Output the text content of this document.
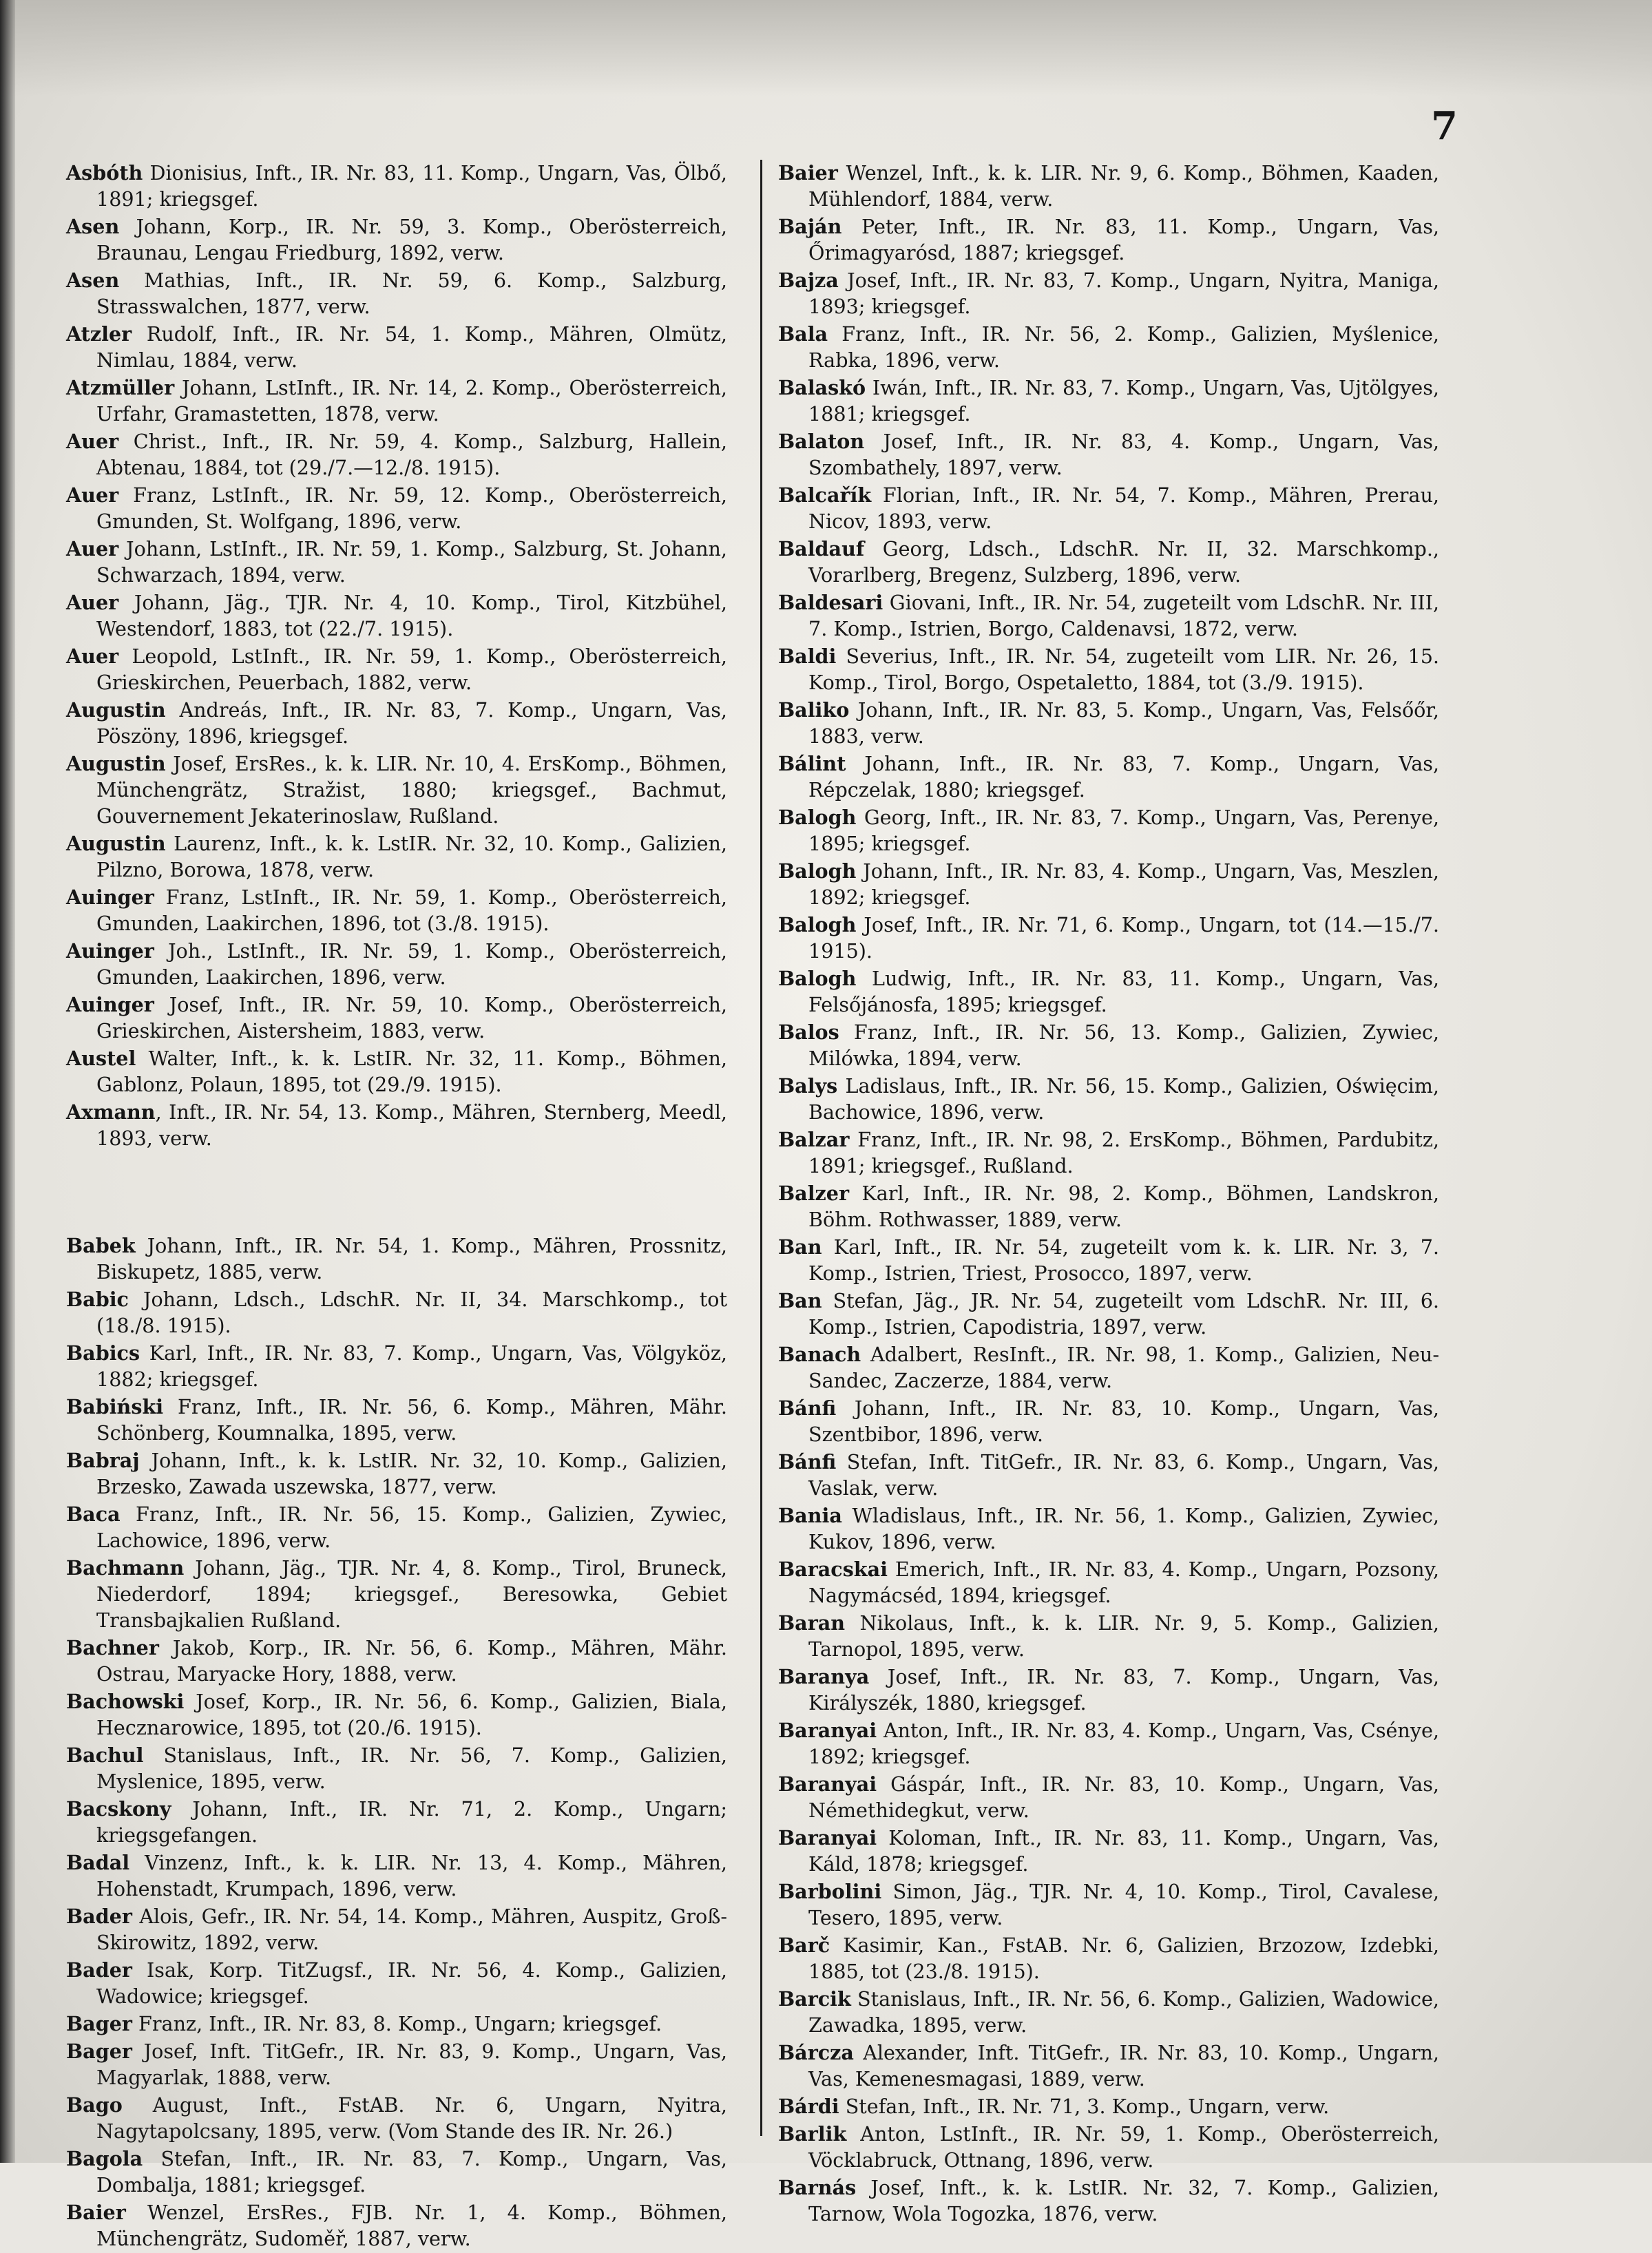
7

Asbóth Dionisius, Inft., IR. Nr. 83, 11. Komp., Ungarn, Vas, Ölbő, 1891; kriegsgef.

Asen Johann, Korp., IR. Nr. 59, 3. Komp., Oberösterreich, Braunau, Lengau Friedburg, 1892, verw.

Asen Mathias, Inft., IR. Nr. 59, 6. Komp., Salzburg, Strasswalchen, 1877, verw.

Atzler Rudolf, Inft., IR. Nr. 54, 1. Komp., Mähren, Olmütz, Nimlau, 1884, verw.

Atzmüller Johann, LstInft., IR. Nr. 14, 2. Komp., Oberösterreich, Urfahr, Gramastetten, 1878, verw.

Auer Christ., Inft., IR. Nr. 59, 4. Komp., Salzburg, Hallein, Abtenau, 1884, tot (29./7.—12./8. 1915).

Auer Franz, LstInft., IR. Nr. 59, 12. Komp., Oberösterreich, Gmunden, St. Wolfgang, 1896, verw.

Auer Johann, LstInft., IR. Nr. 59, 1. Komp., Salzburg, St. Johann, Schwarzach, 1894, verw.

Auer Johann, Jäg., TJR. Nr. 4, 10. Komp., Tirol, Kitzbühel, Westendorf, 1883, tot (22./7. 1915).

Auer Leopold, LstInft., IR. Nr. 59, 1. Komp., Oberösterreich, Grieskirchen, Peuerbach, 1882, verw.

Augustin Andreás, Inft., IR. Nr. 83, 7. Komp., Ungarn, Vas, Pöszöny, 1896, kriegsgef.

Augustin Josef, ErsRes., k. k. LIR. Nr. 10, 4. ErsKomp., Böhmen, Münchengrätz, Stražist, 1880; kriegsgef., Bachmut, Gouvernement Jekaterinoslaw, Rußland.

Augustin Laurenz, Inft., k. k. LstIR. Nr. 32, 10. Komp., Galizien, Pilzno, Borowa, 1878, verw.

Auinger Franz, LstInft., IR. Nr. 59, 1. Komp., Oberösterreich, Gmunden, Laakirchen, 1896, tot (3./8. 1915).

Auinger Joh., LstInft., IR. Nr. 59, 1. Komp., Oberösterreich, Gmunden, Laakirchen, 1896, verw.

Auinger Josef, Inft., IR. Nr. 59, 10. Komp., Oberösterreich, Grieskirchen, Aistersheim, 1883, verw.

Austel Walter, Inft., k. k. LstIR. Nr. 32, 11. Komp., Böhmen, Gablonz, Polaun, 1895, tot (29./9. 1915).

Axmann, Inft., IR. Nr. 54, 13. Komp., Mähren, Sternberg, Meedl, 1893, verw.

Babek Johann, Inft., IR. Nr. 54, 1. Komp., Mähren, Prossnitz, Biskupetz, 1885, verw.

Babic Johann, Ldsch., LdschR. Nr. II, 34. Marschkomp., tot (18./8. 1915).

Babics Karl, Inft., IR. Nr. 83, 7. Komp., Ungarn, Vas, Völgyköz, 1882; kriegsgef.

Babiński Franz, Inft., IR. Nr. 56, 6. Komp., Mähren, Mähr. Schönberg, Koumnalka, 1895, verw.

Babraj Johann, Inft., k. k. LstIR. Nr. 32, 10. Komp., Galizien, Brzesko, Zawada uszewska, 1877, verw.

Baca Franz, Inft., IR. Nr. 56, 15. Komp., Galizien, Zywiec, Lachowice, 1896, verw.

Bachmann Johann, Jäg., TJR. Nr. 4, 8. Komp., Tirol, Bruneck, Niederdorf, 1894; kriegsgef., Beresowka, Gebiet Transbajkalien Rußland.

Bachner Jakob, Korp., IR. Nr. 56, 6. Komp., Mähren, Mähr. Ostrau, Maryacke Hory, 1888, verw.

Bachowski Josef, Korp., IR. Nr. 56, 6. Komp., Galizien, Biala, Hecznarowice, 1895, tot (20./6. 1915).

Bachul Stanislaus, Inft., IR. Nr. 56, 7. Komp., Galizien, Myslenice, 1895, verw.

Bacskony Johann, Inft., IR. Nr. 71, 2. Komp., Ungarn; kriegsgefangen.

Badal Vinzenz, Inft., k. k. LIR. Nr. 13, 4. Komp., Mähren, Hohenstadt, Krumpach, 1896, verw.

Bader Alois, Gefr., IR. Nr. 54, 14. Komp., Mähren, Auspitz, Groß-Skirowitz, 1892, verw.

Bader Isak, Korp. TitZugsf., IR. Nr. 56, 4. Komp., Galizien, Wadowice; kriegsgef.

Bager Franz, Inft., IR. Nr. 83, 8. Komp., Ungarn; kriegsgef.

Bager Josef, Inft. TitGefr., IR. Nr. 83, 9. Komp., Ungarn, Vas, Magyarlak, 1888, verw.

Bago August, Inft., FstAB. Nr. 6, Ungarn, Nyitra, Nagytapolcsany, 1895, verw. (Vom Stande des IR. Nr. 26.)

Bagola Stefan, Inft., IR. Nr. 83, 7. Komp., Ungarn, Vas, Dombalja, 1881; kriegsgef.

Baier Wenzel, ErsRes., FJB. Nr. 1, 4. Komp., Böhmen, Münchengrätz, Sudoměř, 1887, verw.

Baier Wenzel, Inft., k. k. LIR. Nr. 9, 6. Komp., Böhmen, Kaaden, Mühlendorf, 1884, verw.

Baján Peter, Inft., IR. Nr. 83, 11. Komp., Ungarn, Vas, Őrimagyarósd, 1887; kriegsgef.

Bajza Josef, Inft., IR. Nr. 83, 7. Komp., Ungarn, Nyitra, Maniga, 1893; kriegsgef.

Bala Franz, Inft., IR. Nr. 56, 2. Komp., Galizien, Myślenice, Rabka, 1896, verw.

Balaskó Iwán, Inft., IR. Nr. 83, 7. Komp., Ungarn, Vas, Ujtölgyes, 1881; kriegsgef.

Balaton Josef, Inft., IR. Nr. 83, 4. Komp., Ungarn, Vas, Szombathely, 1897, verw.

Balcařík Florian, Inft., IR. Nr. 54, 7. Komp., Mähren, Prerau, Nicov, 1893, verw.

Baldauf Georg, Ldsch., LdschR. Nr. II, 32. Marschkomp., Vorarlberg, Bregenz, Sulzberg, 1896, verw.

Baldesari Giovani, Inft., IR. Nr. 54, zugeteilt vom LdschR. Nr. III, 7. Komp., Istrien, Borgo, Caldenavsi, 1872, verw.

Baldi Severius, Inft., IR. Nr. 54, zugeteilt vom LIR. Nr. 26, 15. Komp., Tirol, Borgo, Ospetaletto, 1884, tot (3./9. 1915).

Baliko Johann, Inft., IR. Nr. 83, 5. Komp., Ungarn, Vas, Felsőőr, 1883, verw.

Bálint Johann, Inft., IR. Nr. 83, 7. Komp., Ungarn, Vas, Répczelak, 1880; kriegsgef.

Balogh Georg, Inft., IR. Nr. 83, 7. Komp., Ungarn, Vas, Perenye, 1895; kriegsgef.

Balogh Johann, Inft., IR. Nr. 83, 4. Komp., Ungarn, Vas, Meszlen, 1892; kriegsgef.

Balogh Josef, Inft., IR. Nr. 71, 6. Komp., Ungarn, tot (14.—15./7. 1915).

Balogh Ludwig, Inft., IR. Nr. 83, 11. Komp., Ungarn, Vas, Felsőjánosfa, 1895; kriegsgef.

Balos Franz, Inft., IR. Nr. 56, 13. Komp., Galizien, Zywiec, Milówka, 1894, verw.

Balys Ladislaus, Inft., IR. Nr. 56, 15. Komp., Galizien, Oświęcim, Bachowice, 1896, verw.

Balzar Franz, Inft., IR. Nr. 98, 2. ErsKomp., Böhmen, Pardubitz, 1891; kriegsgef., Rußland.

Balzer Karl, Inft., IR. Nr. 98, 2. Komp., Böhmen, Landskron, Böhm. Rothwasser, 1889, verw.

Ban Karl, Inft., IR. Nr. 54, zugeteilt vom k. k. LIR. Nr. 3, 7. Komp., Istrien, Triest, Prosocco, 1897, verw.

Ban Stefan, Jäg., JR. Nr. 54, zugeteilt vom LdschR. Nr. III, 6. Komp., Istrien, Capodistria, 1897, verw.

Banach Adalbert, ResInft., IR. Nr. 98, 1. Komp., Galizien, Neu-Sandec, Zaczerze, 1884, verw.

Bánfi Johann, Inft., IR. Nr. 83, 10. Komp., Ungarn, Vas, Szentbibor, 1896, verw.

Bánfi Stefan, Inft. TitGefr., IR. Nr. 83, 6. Komp., Ungarn, Vas, Vaslak, verw.

Bania Wladislaus, Inft., IR. Nr. 56, 1. Komp., Galizien, Zywiec, Kukov, 1896, verw.

Baracskai Emerich, Inft., IR. Nr. 83, 4. Komp., Ungarn, Pozsony, Nagymácséd, 1894, kriegsgef.

Baran Nikolaus, Inft., k. k. LIR. Nr. 9, 5. Komp., Galizien, Tarnopol, 1895, verw.

Baranya Josef, Inft., IR. Nr. 83, 7. Komp., Ungarn, Vas, Királyszék, 1880, kriegsgef.

Baranyai Anton, Inft., IR. Nr. 83, 4. Komp., Ungarn, Vas, Csénye, 1892; kriegsgef.

Baranyai Gáspár, Inft., IR. Nr. 83, 10. Komp., Ungarn, Vas, Némethidegkut, verw.

Baranyai Koloman, Inft., IR. Nr. 83, 11. Komp., Ungarn, Vas, Káld, 1878; kriegsgef.

Barbolini Simon, Jäg., TJR. Nr. 4, 10. Komp., Tirol, Cavalese, Tesero, 1895, verw.

Barč Kasimir, Kan., FstAB. Nr. 6, Galizien, Brzozow, Izdebki, 1885, tot (23./8. 1915).

Barcik Stanislaus, Inft., IR. Nr. 56, 6. Komp., Galizien, Wadowice, Zawadka, 1895, verw.

Bárcza Alexander, Inft. TitGefr., IR. Nr. 83, 10. Komp., Ungarn, Vas, Kemenesmagasi, 1889, verw.

Bárdi Stefan, Inft., IR. Nr. 71, 3. Komp., Ungarn, verw.

Barlik Anton, LstInft., IR. Nr. 59, 1. Komp., Oberösterreich, Vöcklabruck, Ottnang, 1896, verw.

Barnás Josef, Inft., k. k. LstIR. Nr. 32, 7. Komp., Galizien, Tarnow, Wola Togozka, 1876, verw.
